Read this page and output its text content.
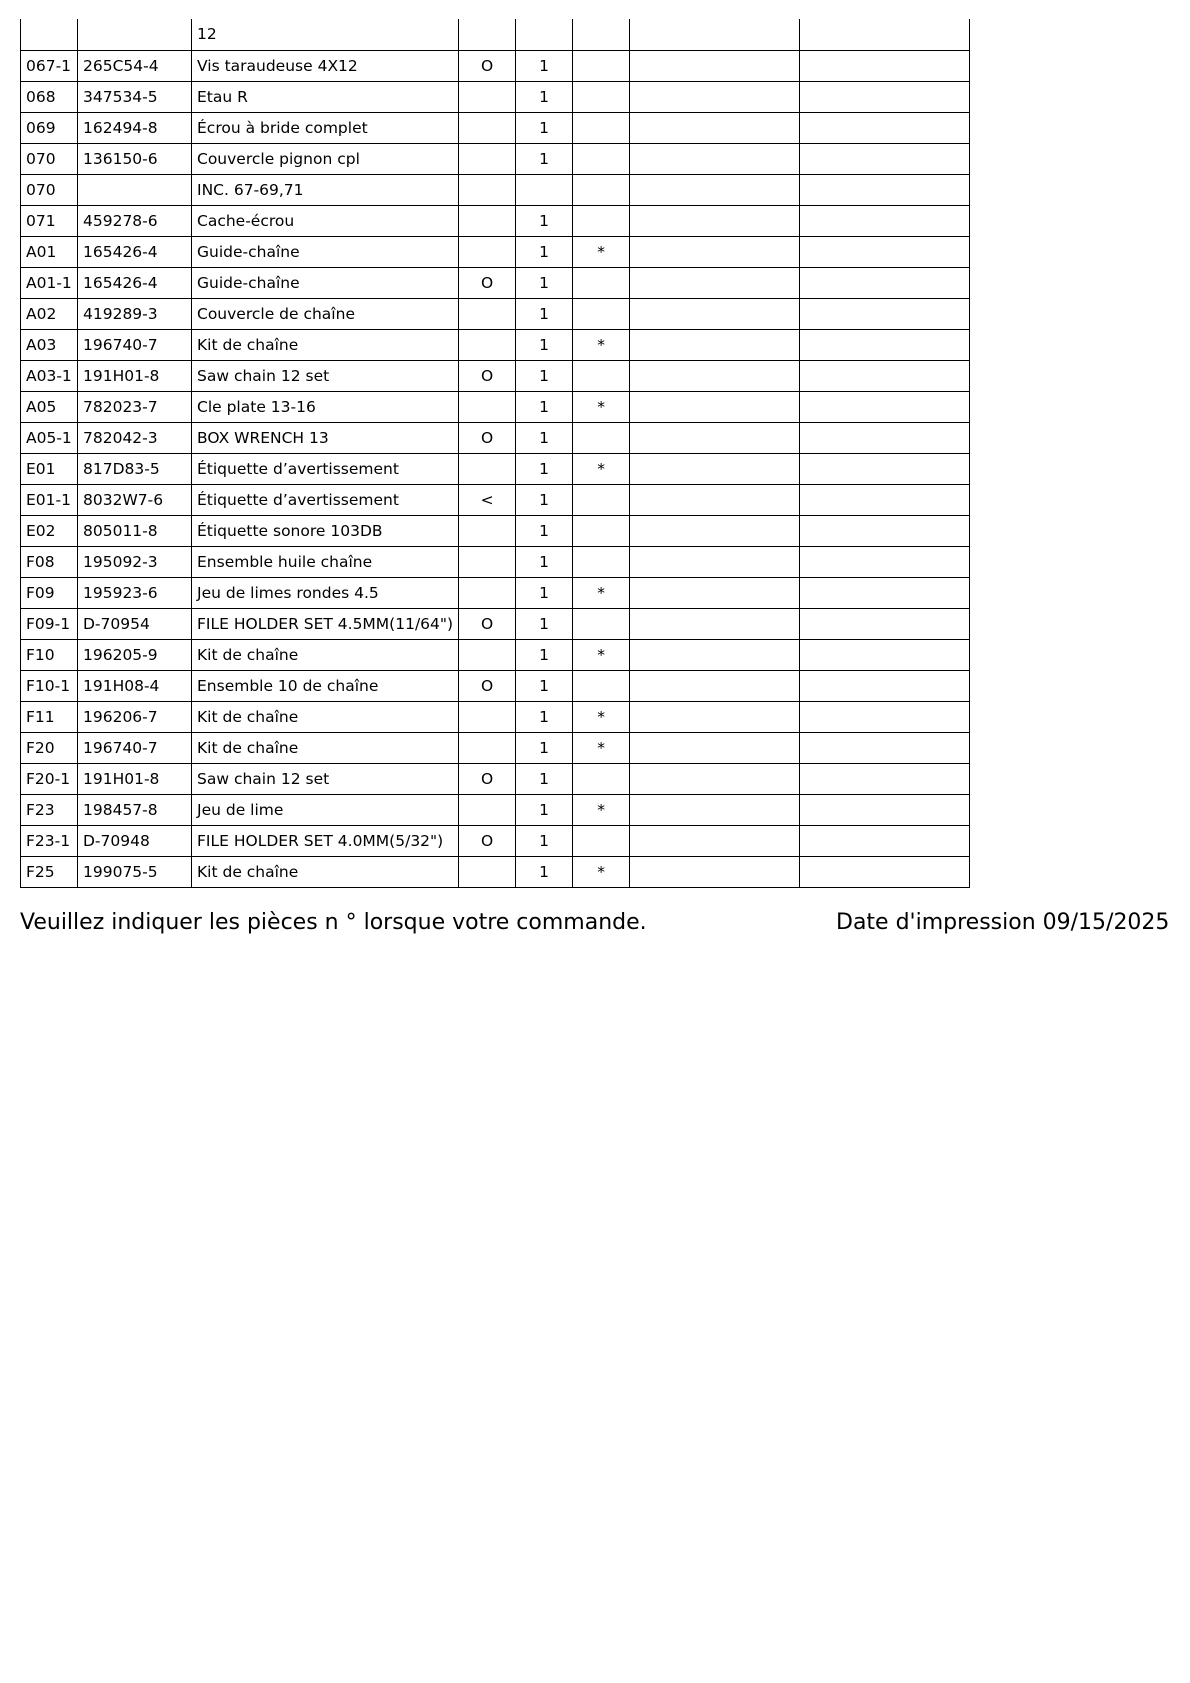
		12					
067-1	265C54-4	Vis taraudeuse 4X12	O	1			
068	347534-5	Etau R		1			
069	162494-8	Écrou à bride complet		1			
070	136150-6	Couvercle pignon cpl		1			
070		INC. 67-69,71					
071	459278-6	Cache-écrou		1			
A01	165426-4	Guide-chaîne		1	*		
A01-1	165426-4	Guide-chaîne	O	1			
A02	419289-3	Couvercle de chaîne		1			
A03	196740-7	Kit de chaîne		1	*		
A03-1	191H01-8	Saw chain 12 set	O	1			
A05	782023-7	Cle plate 13-16		1	*		
A05-1	782042-3	BOX WRENCH 13	O	1			
E01	817D83-5	Étiquette d’avertissement		1	*		
E01-1	8032W7-6	Étiquette d’avertissement	<	1			
E02	805011-8	Étiquette sonore 103DB		1			
F08	195092-3	Ensemble huile chaîne		1			
F09	195923-6	Jeu de limes rondes 4.5		1	*		
F09-1	D-70954	FILE HOLDER SET 4.5MM(11/64")	O	1			
F10	196205-9	Kit de chaîne		1	*		
F10-1	191H08-4	Ensemble 10 de chaîne	O	1			
F11	196206-7	Kit de chaîne		1	*		
F20	196740-7	Kit de chaîne		1	*		
F20-1	191H01-8	Saw chain 12 set	O	1			
F23	198457-8	Jeu de lime		1	*		
F23-1	D-70948	FILE HOLDER SET 4.0MM(5/32")	O	1			
F25	199075-5	Kit de chaîne		1	*		
Veuillez indiquer les pièces n ° lorsque votre commande.	Date d'impression 09/15/2025
